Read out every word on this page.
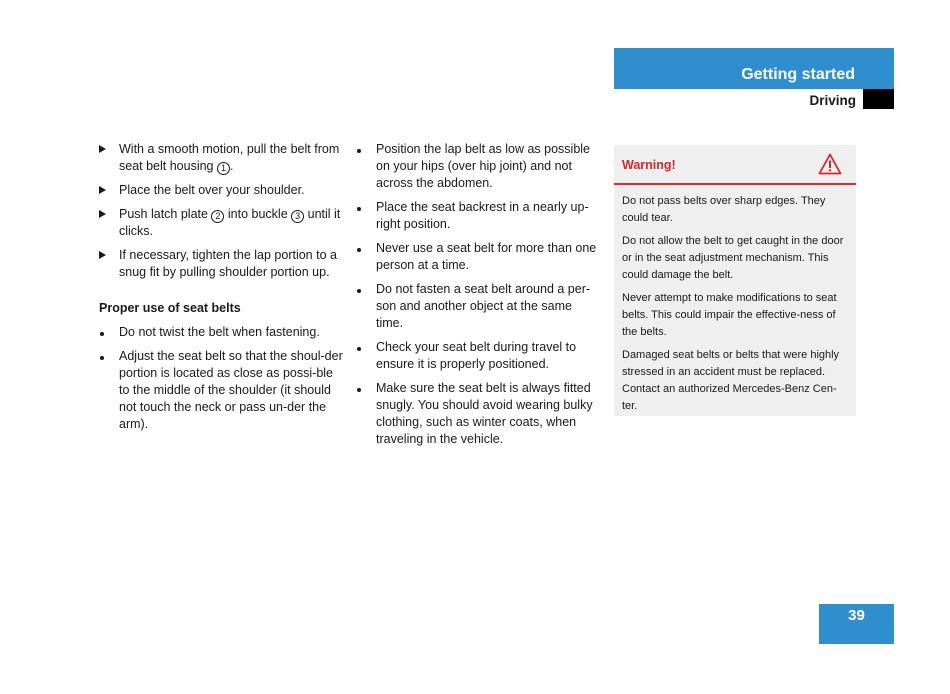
Getting started
Driving
With a smooth motion, pull the belt from seat belt housing 1 .
Place the belt over your shoulder.
Push latch plate 2 into buckle 3 until it clicks.
If necessary, tighten the lap portion to a snug fit by pulling shoulder portion up.
Proper use of seat belts
Do not twist the belt when fastening.
Adjust the seat belt so that the shoul-der portion is located as close as possi-ble to the middle of the shoulder (it should not touch the neck or pass un-der the arm).
Position the lap belt as low as possible on your hips (over hip joint) and not across the abdomen.
Place the seat backrest in a nearly up-right position.
Never use a seat belt for more than one person at a time.
Do not fasten a seat belt around a per-son and another object at the same time.
Check your seat belt during travel to ensure it is properly positioned.
Make sure the seat belt is always fitted snugly. You should avoid wearing bulky clothing, such as winter coats, when traveling in the vehicle.
Warning!

Do not pass belts over sharp edges. They could tear.

Do not allow the belt to get caught in the door or in the seat adjustment mechanism. This could damage the belt.

Never attempt to make modifications to seat belts. This could impair the effective-ness of the belts.

Damaged seat belts or belts that were highly stressed in an accident must be replaced. Contact an authorized Mercedes-Benz Cen-ter.

39
